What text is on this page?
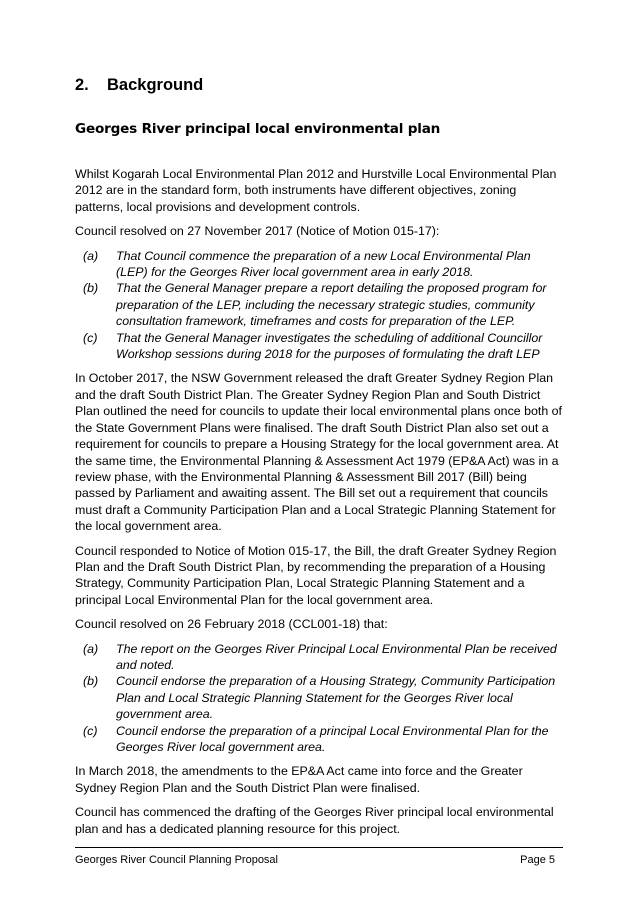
2.	Background
Georges River principal local environmental plan

Whilst Kogarah Local Environmental Plan 2012 and Hurstville Local Environmental Plan 2012 are in the standard form, both instruments have different objectives, zoning patterns, local provisions and development controls.

Council resolved on 27 November 2017 (Notice of Motion 015-17):

(a)	That Council commence the preparation of a new Local Environmental Plan (LEP) for the Georges River local government area in early 2018.
(b)	That the General Manager prepare a report detailing the proposed program for preparation of the LEP, including the necessary strategic studies, community consultation framework, timeframes and costs for preparation of the LEP.
(c)	That the General Manager investigates the scheduling of additional Councillor Workshop sessions during 2018 for the purposes of formulating the draft LEP

In October 2017, the NSW Government released the draft Greater Sydney Region Plan and the draft South District Plan. The Greater Sydney Region Plan and South District Plan outlined the need for councils to update their local environmental plans once both of the State Government Plans were finalised. The draft South District Plan also set out a requirement for councils to prepare a Housing Strategy for the local government area. At the same time, the Environmental Planning & Assessment Act 1979 (EP&A Act) was in a review phase, with the Environmental Planning & Assessment Bill 2017 (Bill) being passed by Parliament and awaiting assent. The Bill set out a requirement that councils must draft a Community Participation Plan and a Local Strategic Planning Statement for the local government area.

Council responded to Notice of Motion 015-17, the Bill, the draft Greater Sydney Region Plan and the Draft South District Plan, by recommending the preparation of a Housing Strategy, Community Participation Plan, Local Strategic Planning Statement and a principal Local Environmental Plan for the local government area.

Council resolved on 26 February 2018 (CCL001-18) that:

(a)	The report on the Georges River Principal Local Environmental Plan be received and noted.
(b)	Council endorse the preparation of a Housing Strategy, Community Participation Plan and Local Strategic Planning Statement for the Georges River local government area.
(c)	Council endorse the preparation of a principal Local Environmental Plan for the Georges River local government area.

In March 2018, the amendments to the EP&A Act came into force and the Greater Sydney Region Plan and the South District Plan were finalised.

Council has commenced the drafting of the Georges River principal local environmental plan and has a dedicated planning resource for this project.

Georges River Council Planning Proposal	Page 5
